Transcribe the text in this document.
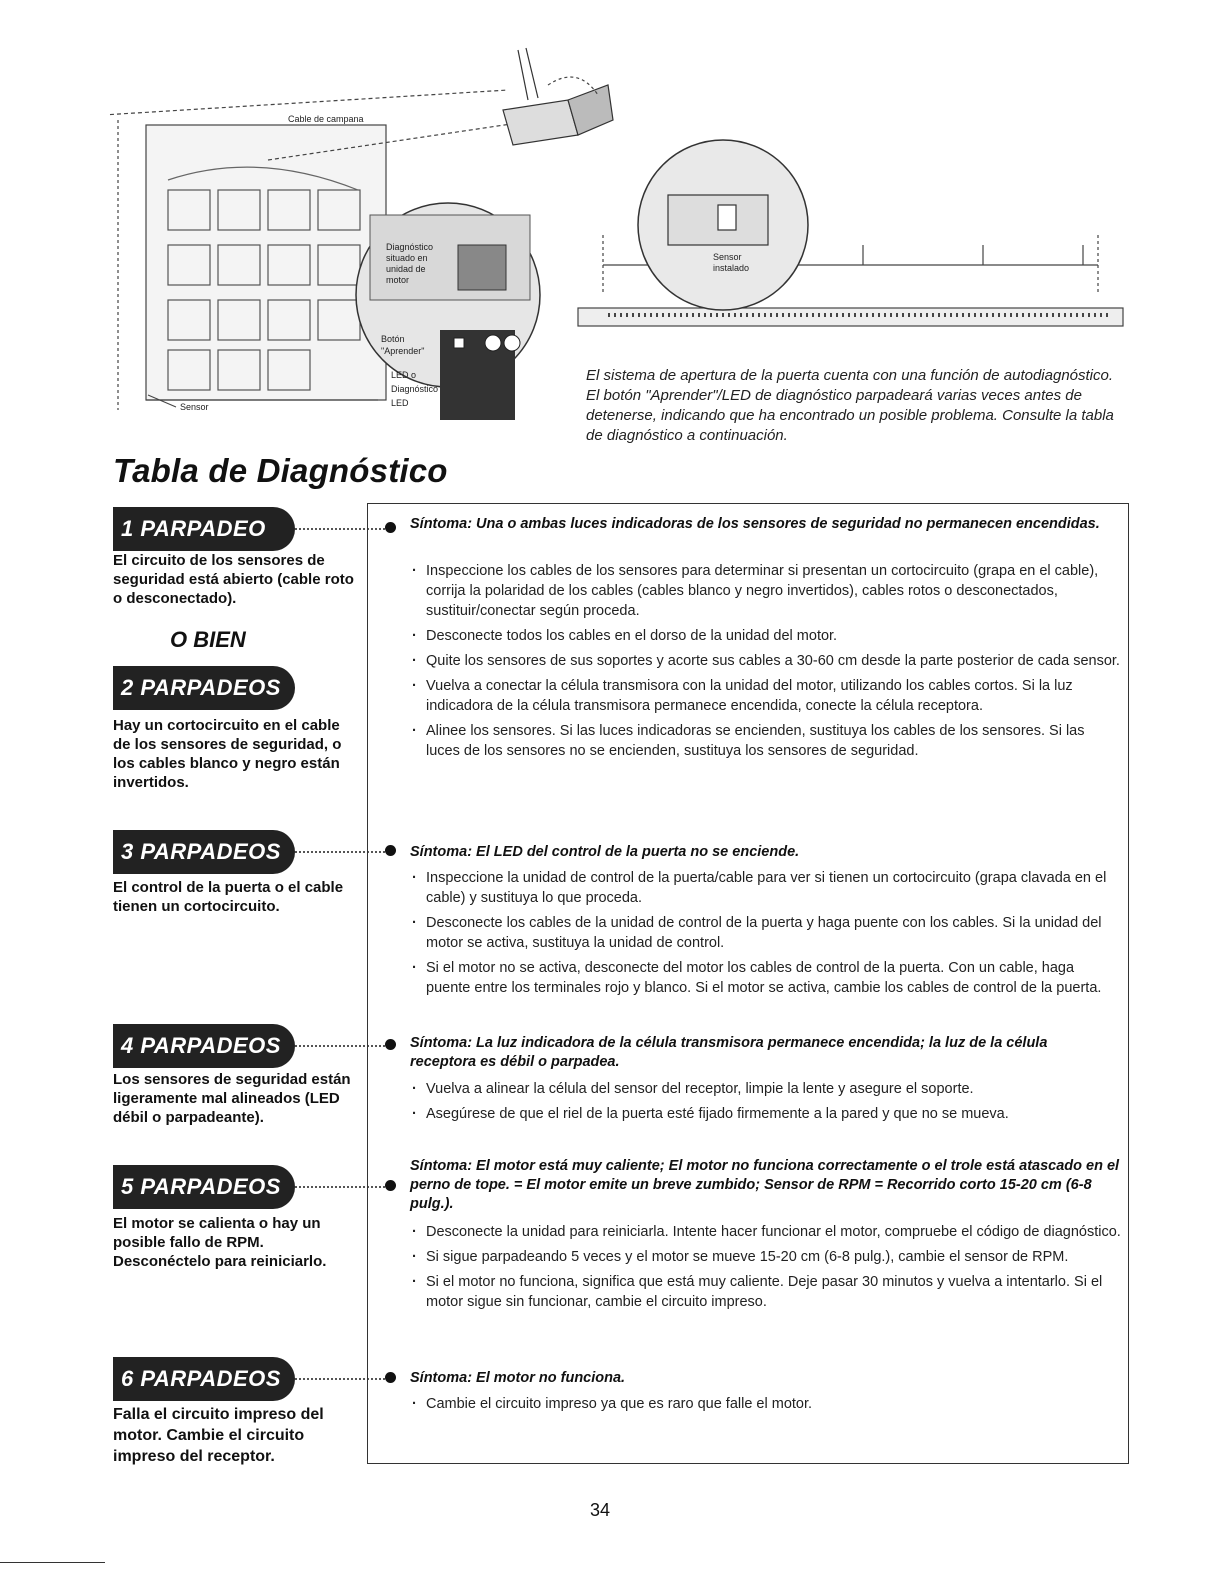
Cable de campana
Sensor
Diagnóstico
situado en
unidad de
motor
Botón
"Aprender"
LED o
Diagnóstico
LED
Sensor
instalado
El sistema de apertura de la puerta cuenta con una función de autodiagnóstico. El botón "Aprender"/LED de diagnóstico parpadeará varias veces antes de detenerse, indicando que ha encontrado un posible problema. Consulte la tabla de diagnóstico a continuación.
Tabla de Diagnóstico
1 PARPADEO
El circuito de los sensores de seguridad está abierto (cable roto o desconectado).
O BIEN
2 PARPADEOS
Hay un cortocircuito en el cable de los sensores de seguridad, o los cables blanco y negro están invertidos.
3 PARPADEOS
El control de la puerta o el cable tienen un cortocircuito.
4 PARPADEOS
Los sensores de seguridad están ligeramente mal alineados (LED débil o parpadeante).
5 PARPADEOS
El motor se calienta o hay un posible fallo de RPM. Desconéctelo para reiniciarlo.
6 PARPADEOS
Falla el circuito impreso del motor. Cambie el circuito impreso del receptor.
Síntoma: Una o ambas luces indicadoras de los sensores de seguridad no permanecen encendidas.
· Inspeccione los cables de los sensores para determinar si presentan un cortocircuito (grapa en el cable), corrija la polaridad de los cables (cables blanco y negro invertidos), cables rotos o desconectados, sustituir/conectar según proceda.
· Desconecte todos los cables en el dorso de la unidad del motor.
· Quite los sensores de sus soportes y acorte sus cables a 30-60 cm desde la parte posterior de cada sensor.
· Vuelva a conectar la célula transmisora con la unidad del motor, utilizando los cables cortos. Si la luz indicadora de la célula transmisora permanece encendida, conecte la célula receptora.
· Alinee los sensores. Si las luces indicadoras se encienden, sustituya los cables de los sensores. Si las luces de los sensores no se encienden, sustituya los sensores de seguridad.
Síntoma: El LED del control de la puerta no se enciende.
· Inspeccione la unidad de control de la puerta/cable para ver si tienen un cortocircuito (grapa clavada en el cable) y sustituya lo que proceda.
· Desconecte los cables de la unidad de control de la puerta y haga puente con los cables. Si la unidad del motor se activa, sustituya la unidad de control.
· Si el motor no se activa, desconecte del motor los cables de control de la puerta. Con un cable, haga puente entre los terminales rojo y blanco. Si el motor se activa, cambie los cables de control de la puerta.
Síntoma: La luz indicadora de la célula transmisora permanece encendida; la luz de la célula receptora es débil o parpadea.
· Vuelva a alinear la célula del sensor del receptor, limpie la lente y asegure el soporte.
· Asegúrese de que el riel de la puerta esté fijado firmemente a la pared y que no se mueva.
Síntoma: El motor está muy caliente; El motor no funciona correctamente o el trole está atascado en el perno de tope. = El motor emite un breve zumbido; Sensor de RPM = Recorrido corto 15-20 cm (6-8 pulg.).
· Desconecte la unidad para reiniciarla. Intente hacer funcionar el motor, compruebe el código de diagnóstico.
· Si sigue parpadeando 5 veces y el motor se mueve 15-20 cm (6-8 pulg.), cambie el sensor de RPM.
· Si el motor no funciona, significa que está muy caliente. Deje pasar 30 minutos y vuelva a intentarlo. Si el motor sigue sin funcionar, cambie el circuito impreso.
Síntoma: El motor no funciona.
· Cambie el circuito impreso ya que es raro que falle el motor.
34
